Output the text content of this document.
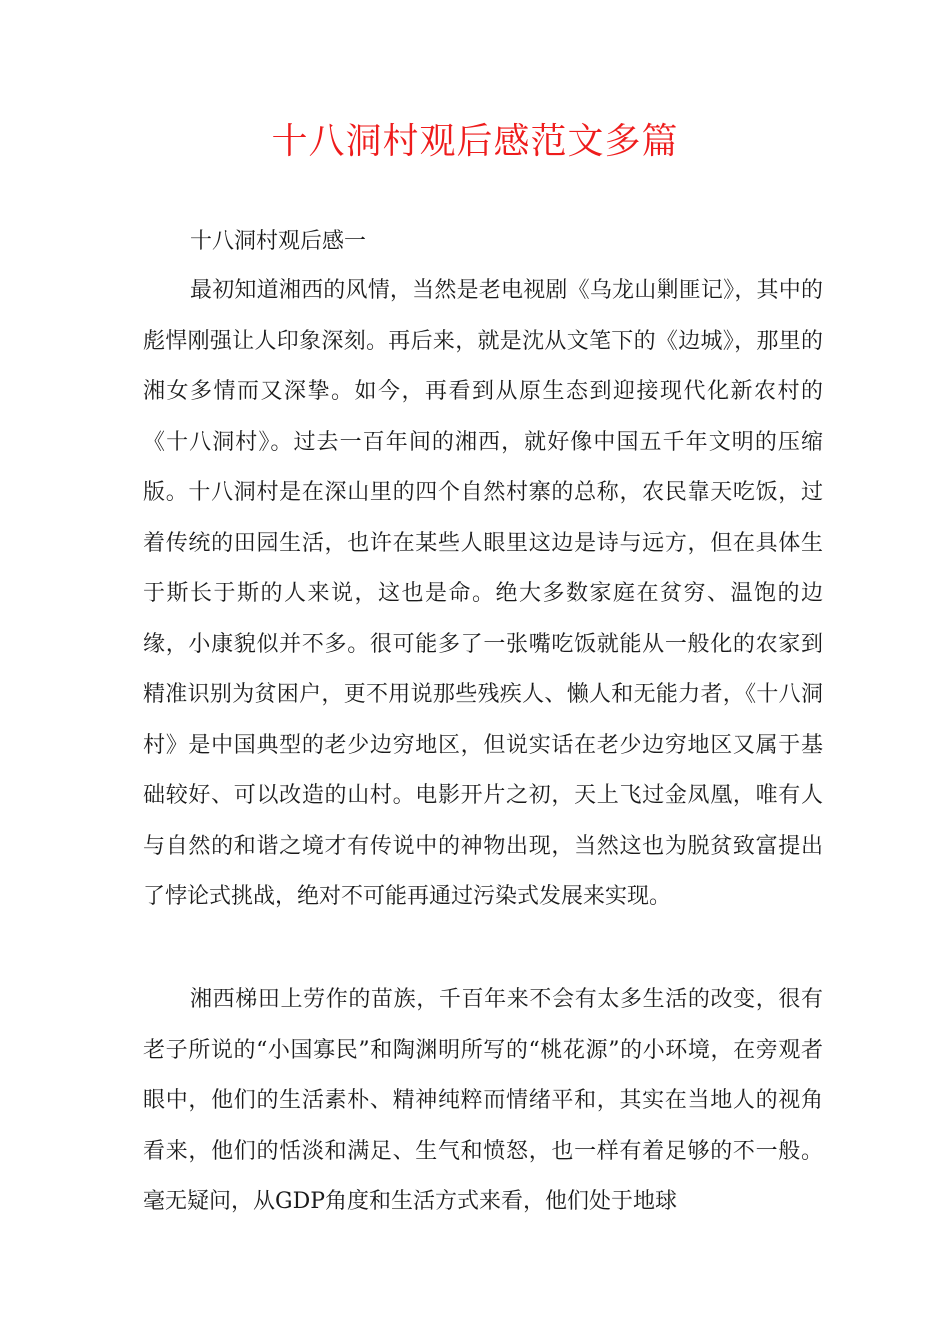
十八洞村观后感范文多篇

十八洞村观后感一

最初知道湘西的风情，当然是老电视剧《乌龙山剿匪记》，其中的彪悍刚强让人印象深刻。再后来，就是沈从文笔下的《边城》，那里的湘女多情而又深挚。如今，再看到从原生态到迎接现代化新农村的《十八洞村》。过去一百年间的湘西，就好像中国五千年文明的压缩版。十八洞村是在深山里的四个自然村寨的总称，农民靠天吃饭，过着传统的田园生活，也许在某些人眼里这边是诗与远方，但在具体生于斯长于斯的人来说，这也是命。绝大多数家庭在贫穷、温饱的边缘，小康貌似并不多。很可能多了一张嘴吃饭就能从一般化的农家到精准识别为贫困户，更不用说那些残疾人、懒人和无能力者，《十八洞村》是中国典型的老少边穷地区，但说实话在老少边穷地区又属于基础较好、可以改造的山村。电影开片之初，天上飞过金凤凰，唯有人与自然的和谐之境才有传说中的神物出现，当然这也为脱贫致富提出了悖论式挑战，绝对不可能再通过污染式发展来实现。

湘西梯田上劳作的苗族，千百年来不会有太多生活的改变，很有老子所说的“小国寡民”和陶渊明所写的“桃花源”的小环境，在旁观者眼中，他们的生活素朴、精神纯粹而情绪平和，其实在当地人的视角看来，他们的恬淡和满足、生气和愤怒，也一样有着足够的不一般。毫无疑问，从GDP角度和生活方式来看，他们处于地球
